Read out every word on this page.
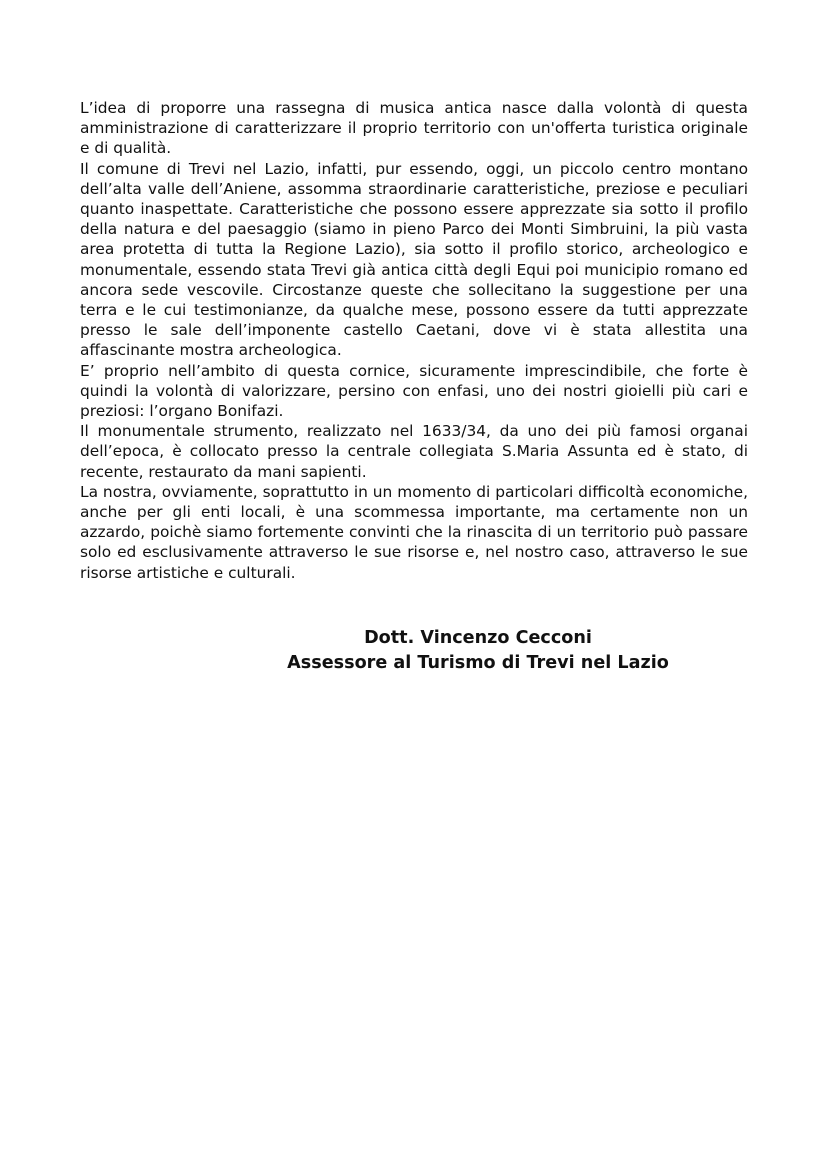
L’idea di proporre una rassegna di musica antica nasce dalla volontà di questa amministrazione di caratterizzare il proprio territorio con un'offerta turistica originale e di qualità.

Il comune di Trevi nel Lazio, infatti, pur essendo, oggi, un piccolo centro montano dell’alta valle dell’Aniene, assomma straordinarie caratteristiche, preziose e peculiari quanto inaspettate. Caratteristiche che possono essere apprezzate sia sotto il profilo della natura e del paesaggio (siamo in pieno Parco dei Monti Simbruini, la più vasta area protetta di tutta la Regione Lazio), sia sotto il profilo storico, archeologico e monumentale, essendo stata Trevi già antica città degli Equi poi municipio romano ed ancora sede vescovile. Circostanze queste che sollecitano la suggestione per una terra e le cui testimonianze, da qualche mese, possono essere da tutti apprezzate presso le sale dell’imponente castello Caetani, dove vi è stata allestita una affascinante mostra archeologica.

E’ proprio nell’ambito di questa cornice, sicuramente imprescindibile, che forte è quindi la volontà di valorizzare, persino con enfasi, uno dei nostri gioielli più cari e preziosi: l’organo Bonifazi.

Il monumentale strumento, realizzato nel 1633/34, da uno dei più famosi organai dell’epoca, è collocato presso la centrale collegiata S.Maria Assunta ed è stato, di recente, restaurato da mani sapienti.

La nostra, ovviamente, soprattutto in un momento di particolari difficoltà economiche, anche per gli enti locali, è una scommessa importante, ma certamente non un azzardo, poichè siamo fortemente convinti che la rinascita di un territorio può passare solo ed esclusivamente attraverso le sue risorse e, nel nostro caso, attraverso le sue risorse artistiche e culturali.

Dott. Vincenzo Cecconi
Assessore al Turismo di Trevi nel Lazio
